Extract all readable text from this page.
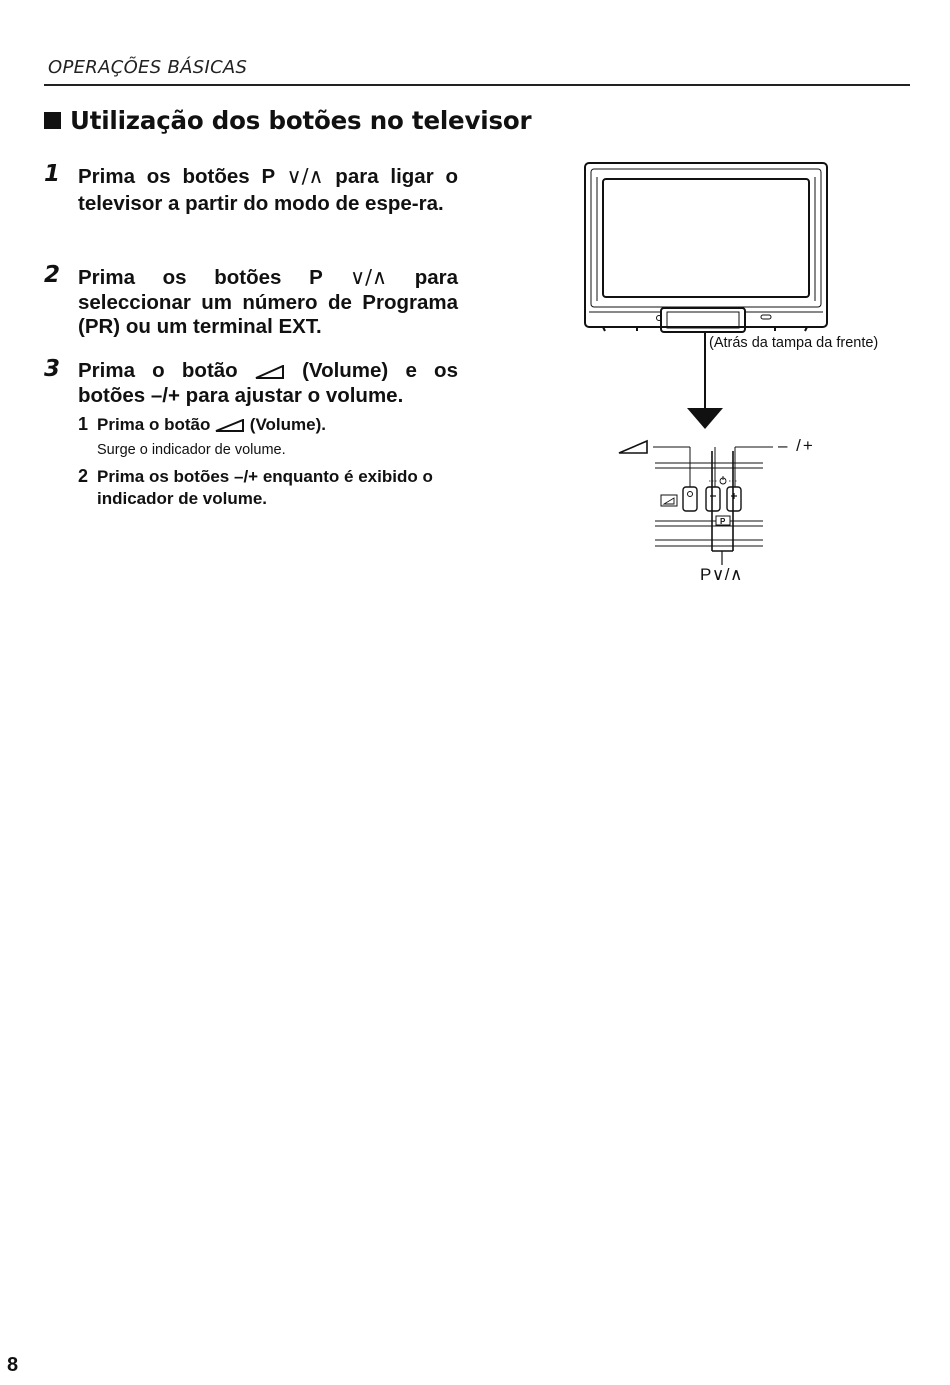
OPERAÇÕES BÁSICAS
Utilização dos botões no televisor
1 Prima os botões P ∨/∧ para ligar o televisor a partir do modo de espe-ra.
2 Prima os botões P ∨/∧ para seleccionar um número de Programa (PR) ou um terminal EXT.
3 Prima o botão  (Volume) e os botões –/+ para ajustar o volume.
1 Prima o botão  (Volume).
Surge o indicador de volume.
2 Prima os botões –/+ enquanto é exibido o indicador de volume.
P
(Atrás da tampa da frente)
– /+
P∨/∧
8
